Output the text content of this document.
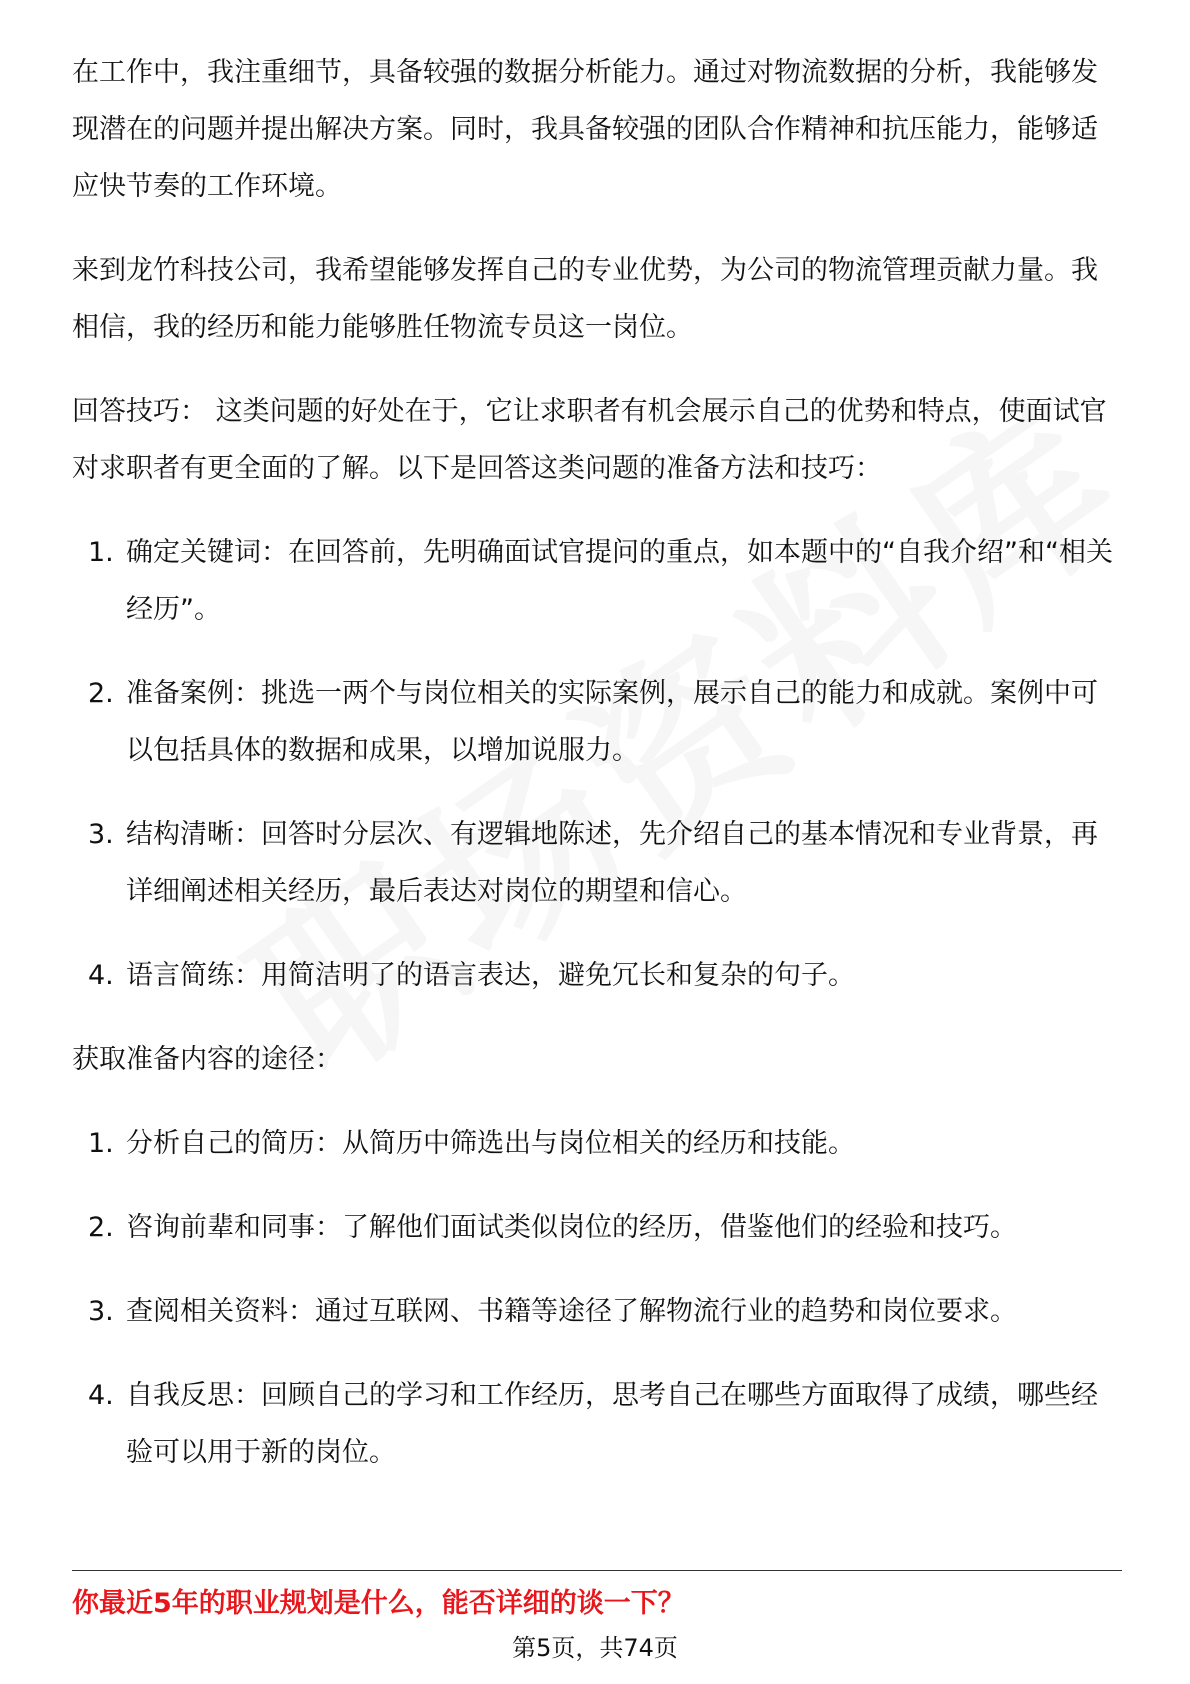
在工作中，我注重细节，具备较强的数据分析能力。通过对物流数据的分析，我能够发现潜在的问题并提出解决方案。同时，我具备较强的团队合作精神和抗压能力，能够适应快节奏的工作环境。

来到龙竹科技公司，我希望能够发挥自己的专业优势，为公司的物流管理贡献力量。我相信，我的经历和能力能够胜任物流专员这一岗位。

回答技巧： 这类问题的好处在于，它让求职者有机会展示自己的优势和特点，使面试官对求职者有更全面的了解。以下是回答这类问题的准备方法和技巧：

1. 确定关键词：在回答前，先明确面试官提问的重点，如本题中的“自我介绍”和“相关经历”。
2. 准备案例：挑选一两个与岗位相关的实际案例，展示自己的能力和成就。案例中可以包括具体的数据和成果，以增加说服力。
3. 结构清晰：回答时分层次、有逻辑地陈述，先介绍自己的基本情况和专业背景，再详细阐述相关经历，最后表达对岗位的期望和信心。
4. 语言简练：用简洁明了的语言表达，避免冗长和复杂的句子。

获取准备内容的途径：

1. 分析自己的简历：从简历中筛选出与岗位相关的经历和技能。
2. 咨询前辈和同事：了解他们面试类似岗位的经历，借鉴他们的经验和技巧。
3. 查阅相关资料：通过互联网、书籍等途径了解物流行业的趋势和岗位要求。
4. 自我反思：回顾自己的学习和工作经历，思考自己在哪些方面取得了成绩，哪些经验可以用于新的岗位。
你最近5年的职业规划是什么，能否详细的谈一下？
第5页，共74页
